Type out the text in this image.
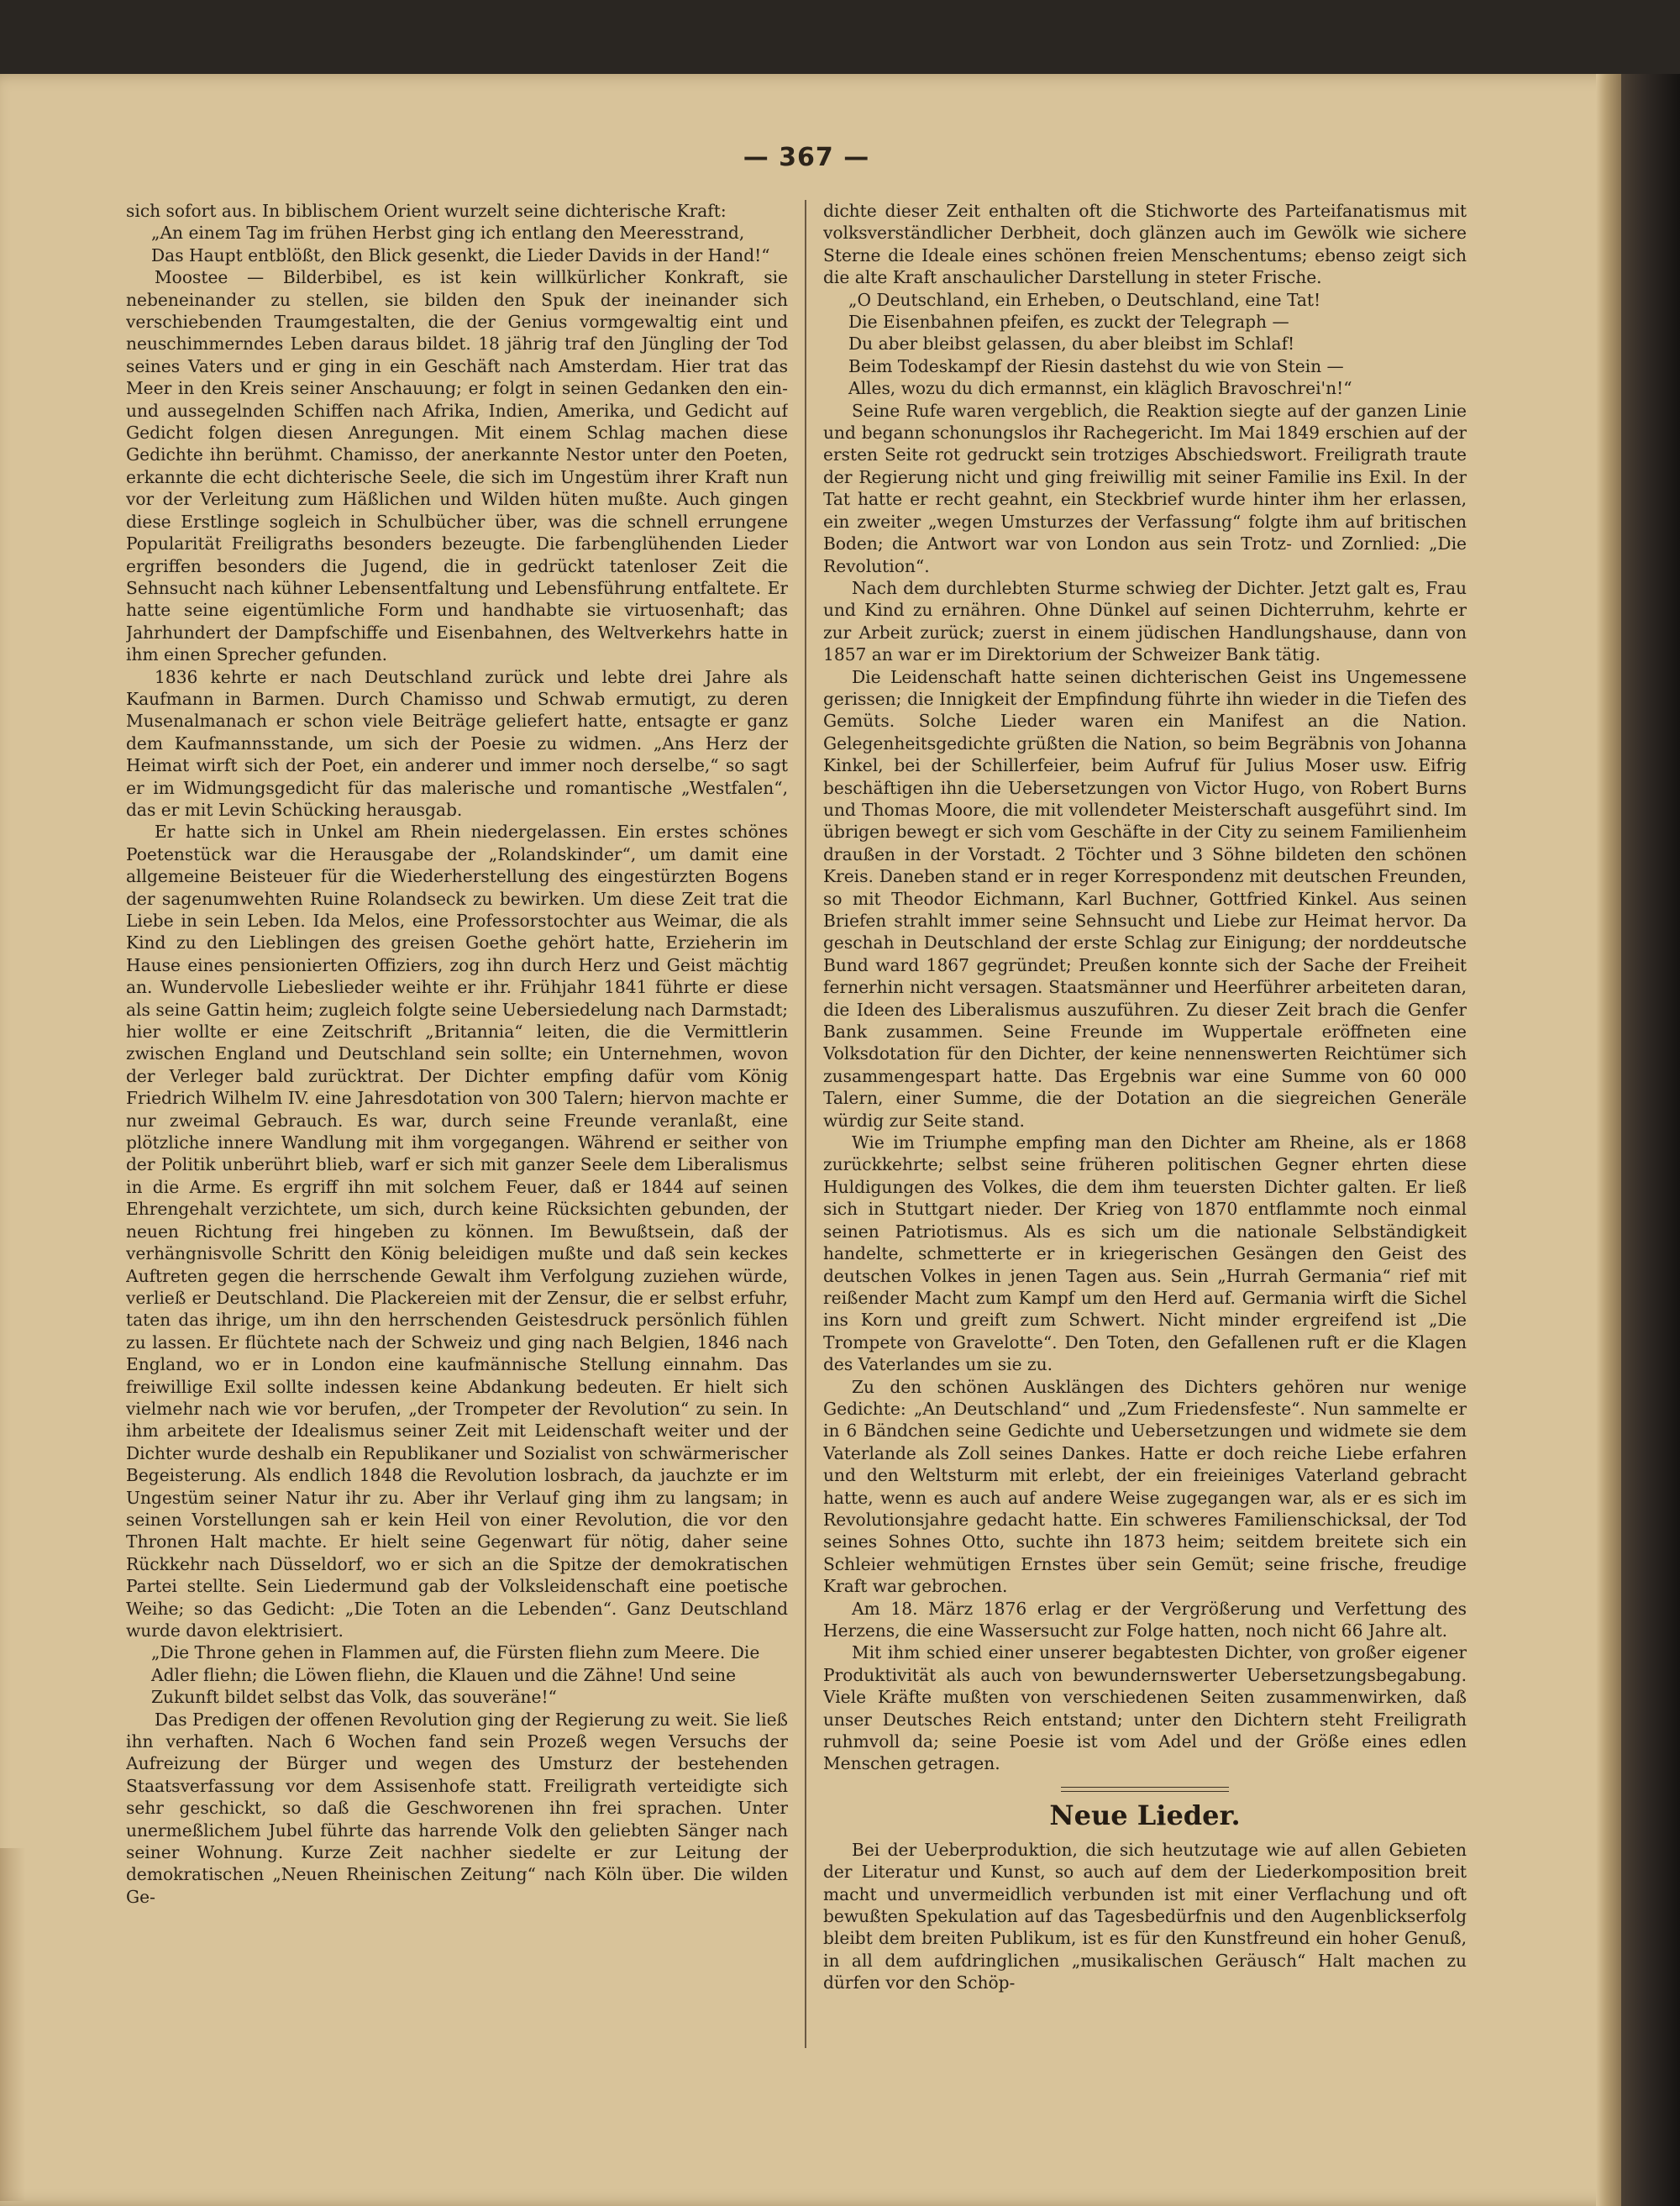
— 367 —

sich sofort aus. In biblischem Orient wurzelt seine dichterische Kraft:

„An einem Tag im frühen Herbst ging ich entlang den Meeresstrand,
Das Haupt entblößt, den Blick gesenkt, die Lieder Davids in der Hand!“

Moostee — Bilderbibel, es ist kein willkürlicher Konkraft, sie nebeneinander zu stellen, sie bilden den Spuk der ineinander sich verschiebenden Traumgestalten, die der Genius vormgewaltig eint und neuschimmerndes Leben daraus bildet. 18 jährig traf den Jüngling der Tod seines Vaters und er ging in ein Geschäft nach Amsterdam. Hier trat das Meer in den Kreis seiner Anschauung; er folgt in seinen Gedanken den ein- und aussegelnden Schiffen nach Afrika, Indien, Amerika, und Gedicht auf Gedicht folgen diesen Anregungen. Mit einem Schlag machen diese Gedichte ihn berühmt. Chamisso, der anerkannte Nestor unter den Poeten, erkannte die echt dichterische Seele, die sich im Ungestüm ihrer Kraft nun vor der Verleitung zum Häßlichen und Wilden hüten mußte. Auch gingen diese Erstlinge sogleich in Schulbücher über, was die schnell errungene Popularität Freiligraths besonders bezeugte. Die farbenglühenden Lieder ergriffen besonders die Jugend, die in gedrückt tatenloser Zeit die Sehnsucht nach kühner Lebensentfaltung und Lebensführung entfaltete. Er hatte seine eigentümliche Form und handhabte sie virtuosenhaft; das Jahrhundert der Dampfschiffe und Eisenbahnen, des Weltverkehrs hatte in ihm einen Sprecher gefunden.

1836 kehrte er nach Deutschland zurück und lebte drei Jahre als Kaufmann in Barmen. Durch Chamisso und Schwab ermutigt, zu deren Musenalmanach er schon viele Beiträge geliefert hatte, entsagte er ganz dem Kaufmannsstande, um sich der Poesie zu widmen. „Ans Herz der Heimat wirft sich der Poet, ein anderer und immer noch derselbe,“ so sagt er im Widmungsgedicht für das malerische und romantische „Westfalen“, das er mit Levin Schücking herausgab.

Er hatte sich in Unkel am Rhein niedergelassen. Ein erstes schönes Poetenstück war die Herausgabe der „Rolandskinder“, um damit eine allgemeine Beisteuer für die Wiederherstellung des eingestürzten Bogens der sagenumwehten Ruine Rolandseck zu bewirken. Um diese Zeit trat die Liebe in sein Leben. Ida Melos, eine Professorstochter aus Weimar, die als Kind zu den Lieblingen des greisen Goethe gehört hatte, Erzieherin im Hause eines pensionierten Offiziers, zog ihn durch Herz und Geist mächtig an. Wundervolle Liebeslieder weihte er ihr. Frühjahr 1841 führte er diese als seine Gattin heim; zugleich folgte seine Uebersiedelung nach Darmstadt; hier wollte er eine Zeitschrift „Britannia“ leiten, die die Vermittlerin zwischen England und Deutschland sein sollte; ein Unternehmen, wovon der Verleger bald zurücktrat. Der Dichter empfing dafür vom König Friedrich Wilhelm IV. eine Jahresdotation von 300 Talern; hiervon machte er nur zweimal Gebrauch. Es war, durch seine Freunde veranlaßt, eine plötzliche innere Wandlung mit ihm vorgegangen. Während er seither von der Politik unberührt blieb, warf er sich mit ganzer Seele dem Liberalismus in die Arme. Es ergriff ihn mit solchem Feuer, daß er 1844 auf seinen Ehrengehalt verzichtete, um sich, durch keine Rücksichten gebunden, der neuen Richtung frei hingeben zu können. Im Bewußtsein, daß der verhängnisvolle Schritt den König beleidigen mußte und daß sein keckes Auftreten gegen die herrschende Gewalt ihm Verfolgung zuziehen würde, verließ er Deutschland. Die Plackereien mit der Zensur, die er selbst erfuhr, taten das ihrige, um ihn den herrschenden Geistesdruck persönlich fühlen zu lassen. Er flüchtete nach der Schweiz und ging nach Belgien, 1846 nach England, wo er in London eine kaufmännische Stellung einnahm. Das freiwillige Exil sollte indessen keine Abdankung bedeuten. Er hielt sich vielmehr nach wie vor berufen, „der Trompeter der Revolution“ zu sein. In ihm arbeitete der Idealismus seiner Zeit mit Leidenschaft weiter und der Dichter wurde deshalb ein Republikaner und Sozialist von schwärmerischer Begeisterung. Als endlich 1848 die Revolution losbrach, da jauchzte er im Ungestüm seiner Natur ihr zu. Aber ihr Verlauf ging ihm zu langsam; in seinen Vorstellungen sah er kein Heil von einer Revolution, die vor den Thronen Halt machte. Er hielt seine Gegenwart für nötig, daher seine Rückkehr nach Düsseldorf, wo er sich an die Spitze der demokratischen Partei stellte. Sein Liedermund gab der Volksleidenschaft eine poetische Weihe; so das Gedicht: „Die Toten an die Lebenden“. Ganz Deutschland wurde davon elektrisiert.

„Die Throne gehen in Flammen auf, die Fürsten fliehn zum Meere. Die Adler fliehn; die Löwen fliehn, die Klauen und die Zähne! Und seine Zukunft bildet selbst das Volk, das souveräne!“

Das Predigen der offenen Revolution ging der Regierung zu weit. Sie ließ ihn verhaften. Nach 6 Wochen fand sein Prozeß wegen Versuchs der Aufreizung der Bürger und wegen des Umsturz der bestehenden Staatsverfassung vor dem Assisenhofe statt. Freiligrath verteidigte sich sehr geschickt, so daß die Geschworenen ihn frei sprachen. Unter unermeßlichem Jubel führte das harrende Volk den geliebten Sänger nach seiner Wohnung. Kurze Zeit nachher siedelte er zur Leitung der demokratischen „Neuen Rheinischen Zeitung“ nach Köln über. Die wilden Ge-

dichte dieser Zeit enthalten oft die Stichworte des Parteifanatismus mit volksverständlicher Derbheit, doch glänzen auch im Gewölk wie sichere Sterne die Ideale eines schönen freien Menschentums; ebenso zeigt sich die alte Kraft anschaulicher Darstellung in steter Frische.

„O Deutschland, ein Erheben, o Deutschland, eine Tat!
Die Eisenbahnen pfeifen, es zuckt der Telegraph —
Du aber bleibst gelassen, du aber bleibst im Schlaf!
Beim Todeskampf der Riesin dastehst du wie von Stein —
Alles, wozu du dich ermannst, ein kläglich Bravoschrei'n!“

Seine Rufe waren vergeblich, die Reaktion siegte auf der ganzen Linie und begann schonungslos ihr Rachegericht. Im Mai 1849 erschien auf der ersten Seite rot gedruckt sein trotziges Abschiedswort. Freiligrath traute der Regierung nicht und ging freiwillig mit seiner Familie ins Exil. In der Tat hatte er recht geahnt, ein Steckbrief wurde hinter ihm her erlassen, ein zweiter „wegen Umsturzes der Verfassung“ folgte ihm auf britischen Boden; die Antwort war von London aus sein Trotz- und Zornlied: „Die Revolution“.

Nach dem durchlebten Sturme schwieg der Dichter. Jetzt galt es, Frau und Kind zu ernähren. Ohne Dünkel auf seinen Dichterruhm, kehrte er zur Arbeit zurück; zuerst in einem jüdischen Handlungshause, dann von 1857 an war er im Direktorium der Schweizer Bank tätig.

Die Leidenschaft hatte seinen dichterischen Geist ins Ungemessene gerissen; die Innigkeit der Empfindung führte ihn wieder in die Tiefen des Gemüts. Solche Lieder waren ein Manifest an die Nation. Gelegenheitsgedichte grüßten die Nation, so beim Begräbnis von Johanna Kinkel, bei der Schillerfeier, beim Aufruf für Julius Moser usw. Eifrig beschäftigen ihn die Uebersetzungen von Victor Hugo, von Robert Burns und Thomas Moore, die mit vollendeter Meisterschaft ausgeführt sind. Im übrigen bewegt er sich vom Geschäfte in der City zu seinem Familienheim draußen in der Vorstadt. 2 Töchter und 3 Söhne bildeten den schönen Kreis. Daneben stand er in reger Korrespondenz mit deutschen Freunden, so mit Theodor Eichmann, Karl Buchner, Gottfried Kinkel. Aus seinen Briefen strahlt immer seine Sehnsucht und Liebe zur Heimat hervor. Da geschah in Deutschland der erste Schlag zur Einigung; der norddeutsche Bund ward 1867 gegründet; Preußen konnte sich der Sache der Freiheit fernerhin nicht versagen. Staatsmänner und Heerführer arbeiteten daran, die Ideen des Liberalismus auszuführen. Zu dieser Zeit brach die Genfer Bank zusammen. Seine Freunde im Wuppertale eröffneten eine Volksdotation für den Dichter, der keine nennenswerten Reichtümer sich zusammengespart hatte. Das Ergebnis war eine Summe von 60 000 Talern, einer Summe, die der Dotation an die siegreichen Generäle würdig zur Seite stand.

Wie im Triumphe empfing man den Dichter am Rheine, als er 1868 zurückkehrte; selbst seine früheren politischen Gegner ehrten diese Huldigungen des Volkes, die dem ihm teuersten Dichter galten. Er ließ sich in Stuttgart nieder. Der Krieg von 1870 entflammte noch einmal seinen Patriotismus. Als es sich um die nationale Selbständigkeit handelte, schmetterte er in kriegerischen Gesängen den Geist des deutschen Volkes in jenen Tagen aus. Sein „Hurrah Germania“ rief mit reißender Macht zum Kampf um den Herd auf. Germania wirft die Sichel ins Korn und greift zum Schwert. Nicht minder ergreifend ist „Die Trompete von Gravelotte“. Den Toten, den Gefallenen ruft er die Klagen des Vaterlandes um sie zu.

Zu den schönen Ausklängen des Dichters gehören nur wenige Gedichte: „An Deutschland“ und „Zum Friedensfeste“. Nun sammelte er in 6 Bändchen seine Gedichte und Uebersetzungen und widmete sie dem Vaterlande als Zoll seines Dankes. Hatte er doch reiche Liebe erfahren und den Weltsturm mit erlebt, der ein freieiniges Vaterland gebracht hatte, wenn es auch auf andere Weise zugegangen war, als er es sich im Revolutionsjahre gedacht hatte. Ein schweres Familienschicksal, der Tod seines Sohnes Otto, suchte ihn 1873 heim; seitdem breitete sich ein Schleier wehmütigen Ernstes über sein Gemüt; seine frische, freudige Kraft war gebrochen.

Am 18. März 1876 erlag er der Vergrößerung und Verfettung des Herzens, die eine Wassersucht zur Folge hatten, noch nicht 66 Jahre alt.

Mit ihm schied einer unserer begabtesten Dichter, von großer eigener Produktivität als auch von bewundernswerter Uebersetzungsbegabung. Viele Kräfte mußten von verschiedenen Seiten zusammenwirken, daß unser Deutsches Reich entstand; unter den Dichtern steht Freiligrath ruhmvoll da; seine Poesie ist vom Adel und der Größe eines edlen Menschen getragen.

Neue Lieder.

Bei der Ueberproduktion, die sich heutzutage wie auf allen Gebieten der Literatur und Kunst, so auch auf dem der Liederkomposition breit macht und unvermeidlich verbunden ist mit einer Verflachung und oft bewußten Spekulation auf das Tagesbedürfnis und den Augenblickserfolg bleibt dem breiten Publikum, ist es für den Kunstfreund ein hoher Genuß, in all dem aufdringlichen „musikalischen Geräusch“ Halt machen zu dürfen vor den Schöp-
